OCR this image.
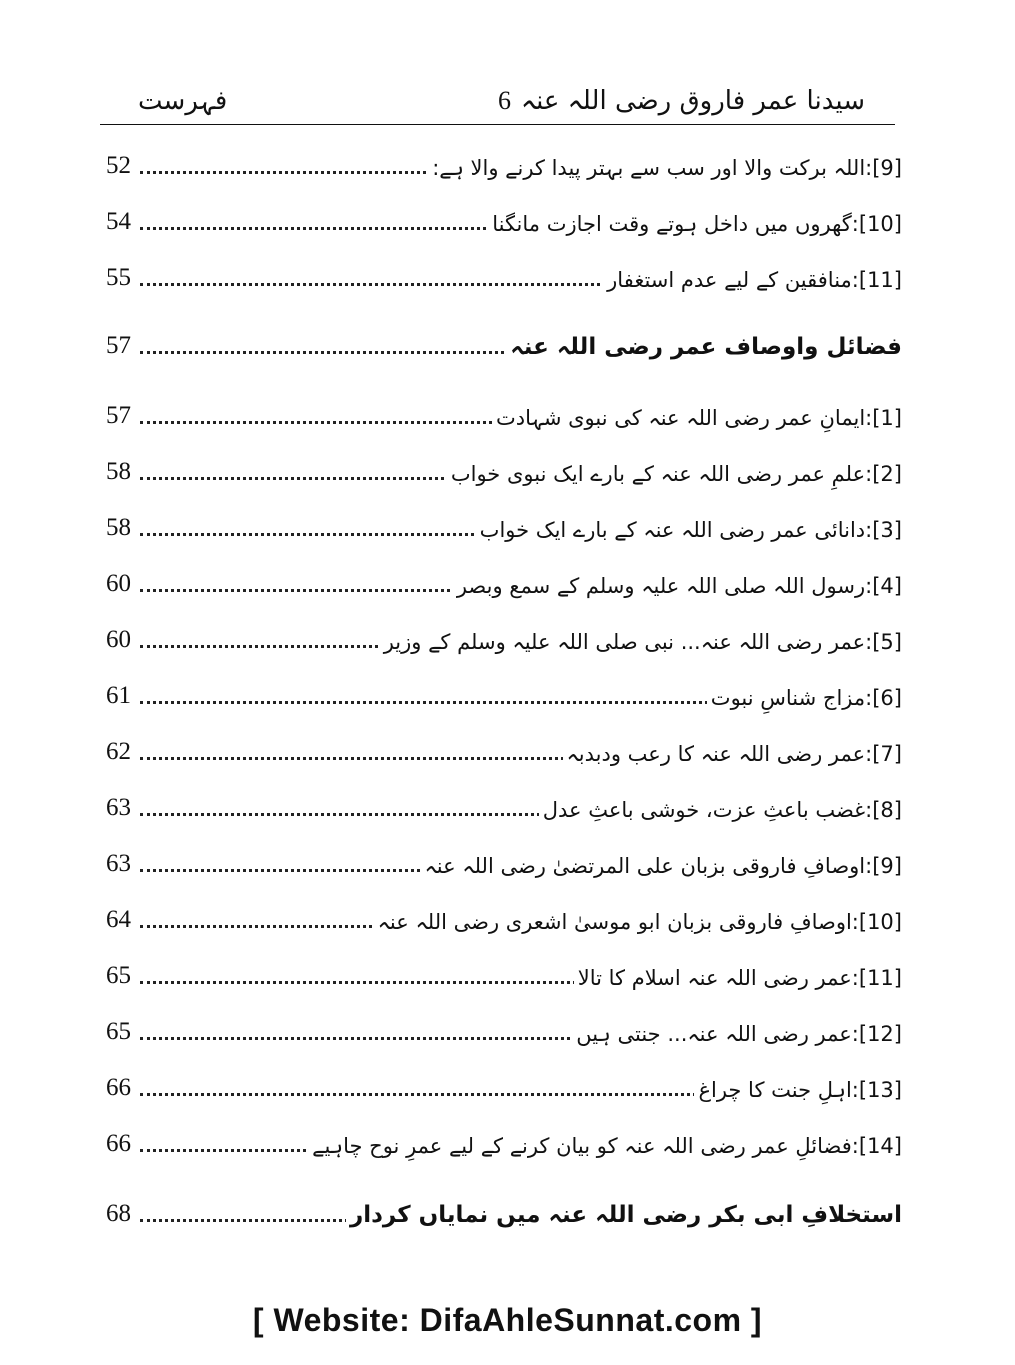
سیدنا عمر فاروق رضی اللہ عنہ
6
فہرست
52	[9]:اللہ برکت والا اور سب سے بہتر پیدا کرنے والا ہے:
54	[10]:گھروں میں داخل ہوتے وقت اجازت مانگنا
55	[11]:منافقین کے لیے عدم استغفار
57	فضائل واوصاف عمر رضی اللہ عنہ
57	[1]:ایمانِ عمر رضی اللہ عنہ کی نبوی شہادت
58	[2]:علمِ عمر رضی اللہ عنہ کے بارے ایک نبوی خواب
58	[3]:دانائی عمر رضی اللہ عنہ کے بارے ایک خواب
60	[4]:رسول اللہ صلی اللہ علیہ وسلم کے سمع وبصر
60	[5]:عمر رضی اللہ عنہ... نبی صلی اللہ علیہ وسلم کے وزیر
61	[6]:مزاج شناسِ نبوت
62	[7]:عمر رضی اللہ عنہ کا رعب ودبدبہ
63	[8]:غضب باعثِ عزت، خوشی باعثِ عدل
63	[9]:اوصافِ فاروقی بزبان علی المرتضیٰ رضی اللہ عنہ
64	[10]:اوصافِ فاروقی بزبان ابو موسیٰ اشعری رضی اللہ عنہ
65	[11]:عمر رضی اللہ عنہ اسلام کا تالا
65	[12]:عمر رضی اللہ عنہ... جنتی ہیں
66	[13]:اہلِ جنت کا چراغ
66	[14]:فضائلِ عمر رضی اللہ عنہ کو بیان کرنے کے لیے عمرِ نوح چاہیے
68	استخلافِ ابی بکر رضی اللہ عنہ میں نمایاں کردار
[ Website: DifaAhleSunnat.com ]
